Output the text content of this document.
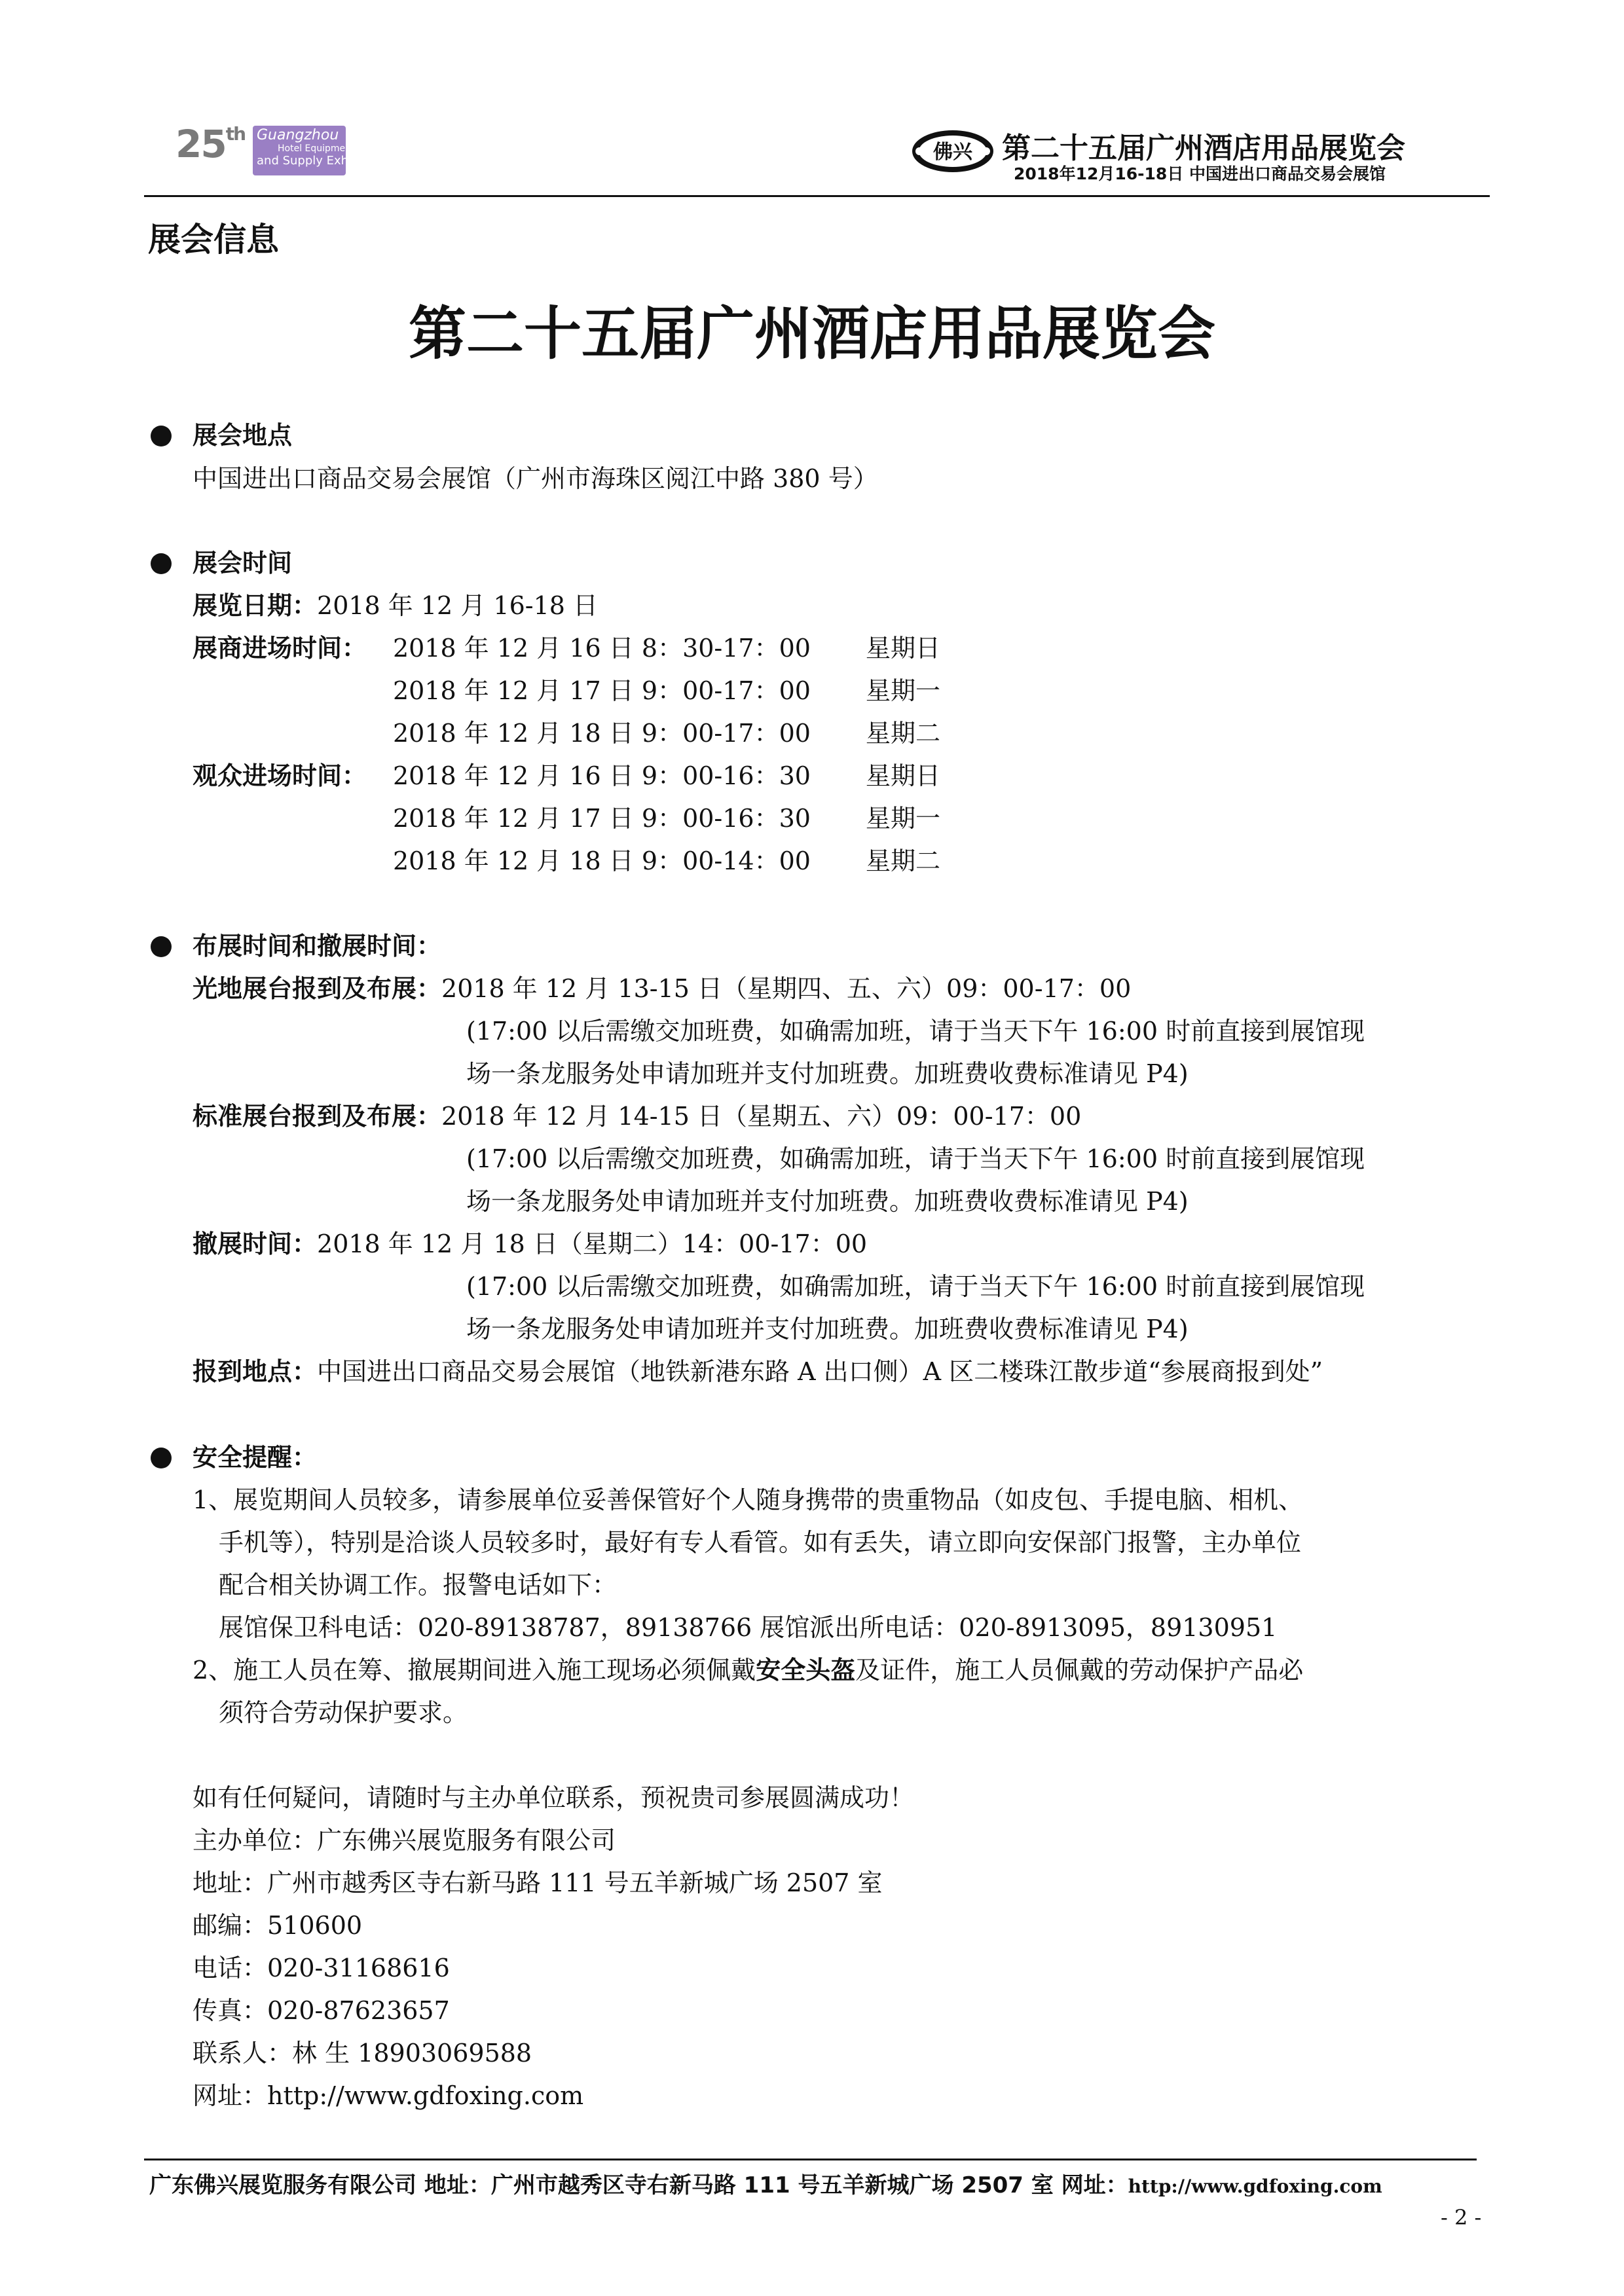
25th Guangzhou
Hotel Equipment
and Supply Exhibition	佛兴 第二十五届广州酒店用品展览会
2018年12月16-18日 中国进出口商品交易会展馆
展会信息
第二十五届广州酒店用品展览会
展会地点
中国进出口商品交易会展馆（广州市海珠区阅江中路 380 号）
展会时间
展览日期：2018 年 12 月 16-18 日
展商进场时间： 2018 年 12 月 16 日 8：30-17：00 星期日
2018 年 12 月 17 日 9：00-17：00 星期一
2018 年 12 月 18 日 9：00-17：00 星期二
观众进场时间： 2018 年 12 月 16 日 9：00-16：30 星期日
2018 年 12 月 17 日 9：00-16：30 星期一
2018 年 12 月 18 日 9：00-14：00 星期二
布展时间和撤展时间：
光地展台报到及布展：2018 年 12 月 13-15 日（星期四、五、六）09：00-17：00
(17:00 以后需缴交加班费，如确需加班，请于当天下午 16:00 时前直接到展馆现
场一条龙服务处申请加班并支付加班费。加班费收费标准请见 P4)
标准展台报到及布展：2018 年 12 月 14-15 日（星期五、六）09：00-17：00
(17:00 以后需缴交加班费，如确需加班，请于当天下午 16:00 时前直接到展馆现
场一条龙服务处申请加班并支付加班费。加班费收费标准请见 P4)
撤展时间：2018 年 12 月 18 日（星期二）14：00-17：00
(17:00 以后需缴交加班费，如确需加班，请于当天下午 16:00 时前直接到展馆现
场一条龙服务处申请加班并支付加班费。加班费收费标准请见 P4)
报到地点：中国进出口商品交易会展馆（地铁新港东路 A 出口侧）A 区二楼珠江散步道“参展商报到处”
安全提醒：
1、展览期间人员较多，请参展单位妥善保管好个人随身携带的贵重物品（如皮包、手提电脑、相机、
手机等），特别是洽谈人员较多时，最好有专人看管。如有丢失，请立即向安保部门报警，主办单位
配合相关协调工作。报警电话如下：
展馆保卫科电话：020-89138787，89138766 展馆派出所电话：020-8913095，89130951
2、施工人员在筹、撤展期间进入施工现场必须佩戴安全头盔及证件，施工人员佩戴的劳动保护产品必
须符合劳动保护要求。
如有任何疑问，请随时与主办单位联系，预祝贵司参展圆满成功！
主办单位：广东佛兴展览服务有限公司
地址：广州市越秀区寺右新马路 111 号五羊新城广场 2507 室
邮编：510600
电话：020-31168616
传真：020-87623657
联系人：林 生 18903069588
网址：http://www.gdfoxing.com
广东佛兴展览服务有限公司 地址：广州市越秀区寺右新马路 111 号五羊新城广场 2507 室 网址：http://www.gdfoxing.com
- 2 -
